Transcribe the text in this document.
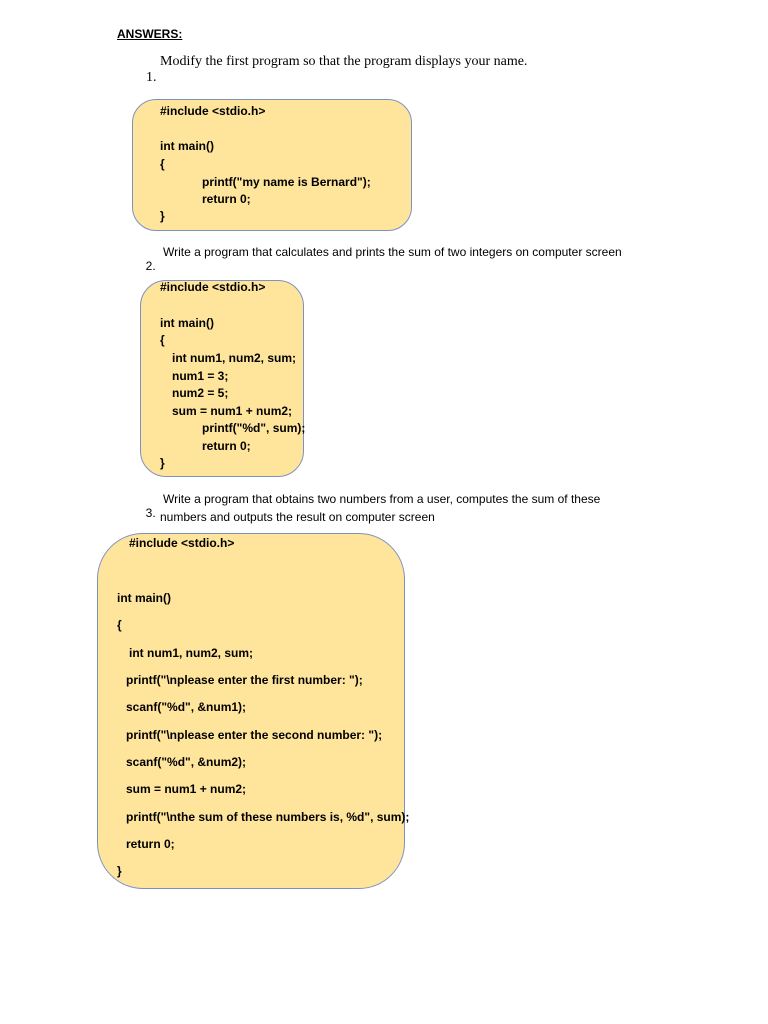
ANSWERS:

1.

Modify the first program so that the program displays your name.

#include <stdio.h>
int main()
{
printf("my name is Bernard");
return 0;
}

2.

Write a program that calculates and prints the sum of two integers on computer screen

#include <stdio.h>
int main()
{
int num1, num2, sum;
num1 = 3;
num2 = 5;
sum = num1 + num2;
printf("%d", sum);
return 0;
}

3.

Write a program that obtains two numbers from a user, computes the sum of these

numbers and outputs the result on computer screen

#include <stdio.h>
int main()
{
int num1, num2, sum;
printf("\nplease enter the first number: ");
scanf("%d", &num1);
printf("\nplease enter the second number: ");
scanf("%d", &num2);
sum = num1 + num2;
printf("\nthe sum of these numbers is, %d", sum);
return 0;
}
